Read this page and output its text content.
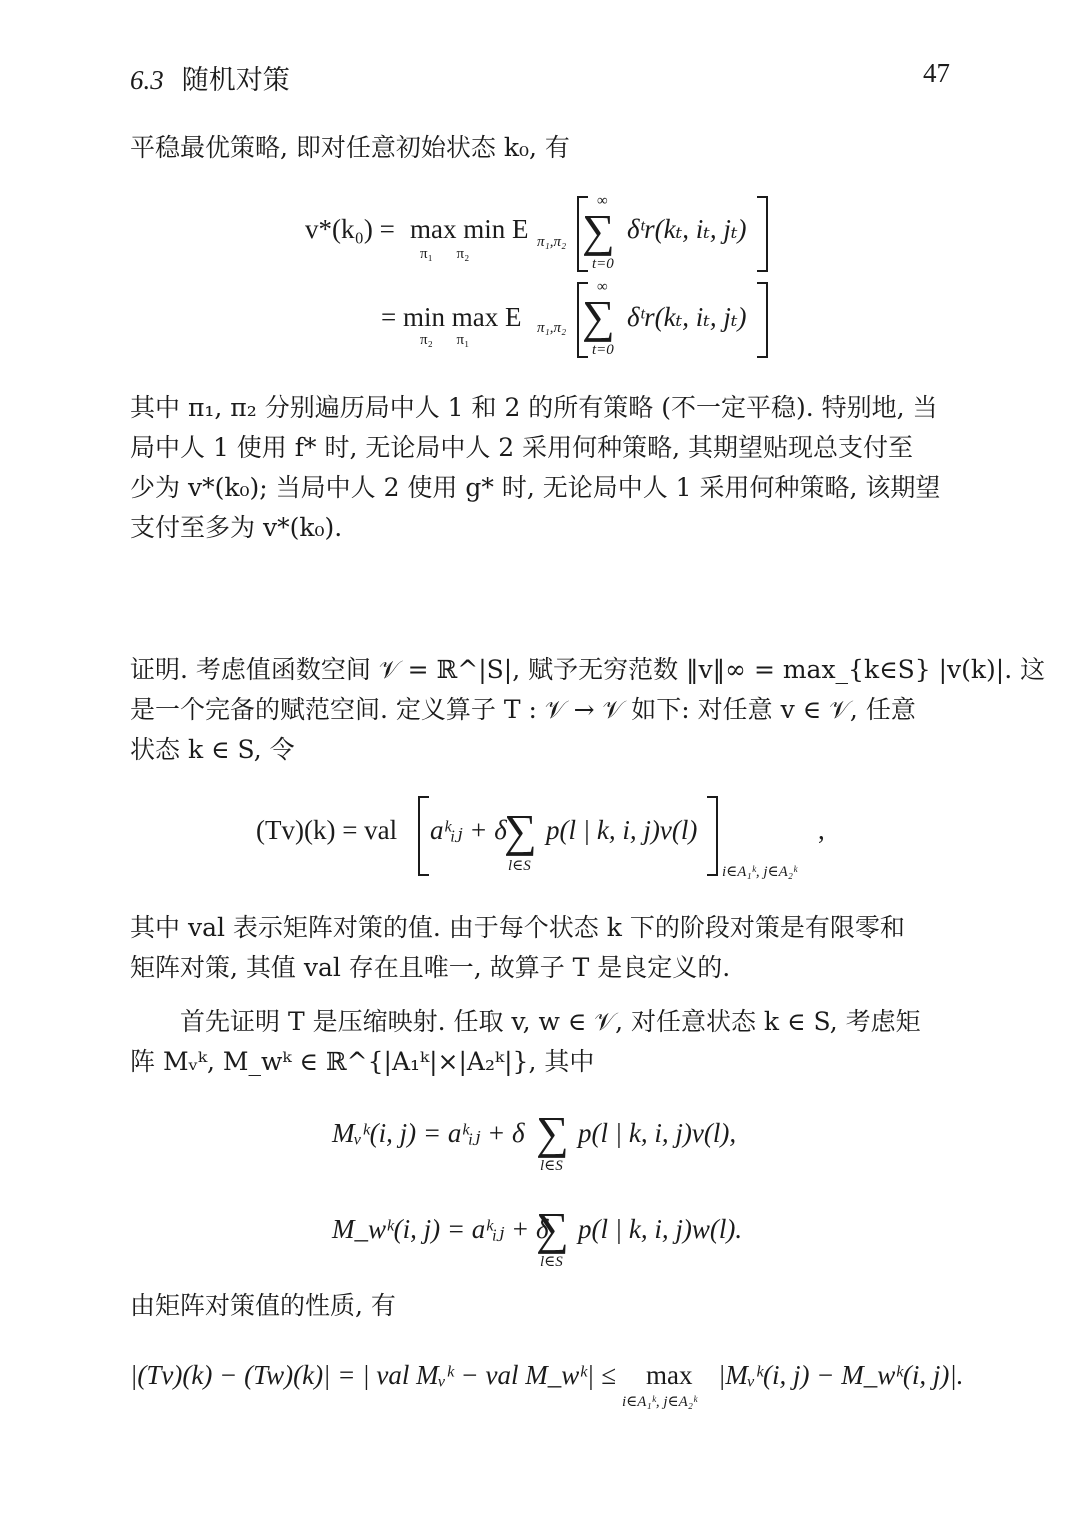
6.3 随机对策	47
平稳最优策略, 即对任意初始状态 k₀, 有
v*(k₀) = max min E
π₁ π₂
π₁,π₂
∞
∑
t=0
δᵗr(kₜ, iₜ, jₜ)
= min max E
π₂ π₁
π₁,π₂
∞
∑
t=0
δᵗr(kₜ, iₜ, jₜ)
其中 π₁, π₂ 分别遍历局中人 1 和 2 的所有策略 (不一定平稳). 特别地, 当
局中人 1 使用 f* 时, 无论局中人 2 采用何种策略, 其期望贴现总支付至
少为 v*(k₀); 当局中人 2 使用 g* 时, 无论局中人 1 采用何种策略, 该期望
支付至多为 v*(k₀).
证明. 考虑值函数空间 𝒱 = ℝ^|S|, 赋予无穷范数 ‖v‖∞ = max_{k∈S} |v(k)|. 这
是一个完备的赋范空间. 定义算子 T : 𝒱 → 𝒱 如下: 对任意 v ∈ 𝒱, 任意
状态 k ∈ S, 令
(Tv)(k) = val aᵏᵢⱼ + δ
∑
l∈S
p(l | k, i, j)v(l)
i∈A₁ᵏ, j∈A₂ᵏ
,
其中 val 表示矩阵对策的值. 由于每个状态 k 下的阶段对策是有限零和
矩阵对策, 其值 val 存在且唯一, 故算子 T 是良定义的.
首先证明 T 是压缩映射. 任取 v, w ∈ 𝒱, 对任意状态 k ∈ S, 考虑矩
阵 Mᵥᵏ, M_wᵏ ∈ ℝ^{|A₁ᵏ|×|A₂ᵏ|}, 其中
Mᵥᵏ(i, j) = aᵏᵢⱼ + δ ∑
l∈S
p(l | k, i, j)v(l),
M_wᵏ(i, j) = aᵏᵢⱼ + δ
∑
l∈S
p(l | k, i, j)w(l).
由矩阵对策值的性质, 有
|(Tv)(k) − (Tw)(k)| = | val Mᵥᵏ − val M_wᵏ| ≤ max
i∈A₁ᵏ, j∈A₂ᵏ
|Mᵥᵏ(i, j) − M_wᵏ(i, j)|.
